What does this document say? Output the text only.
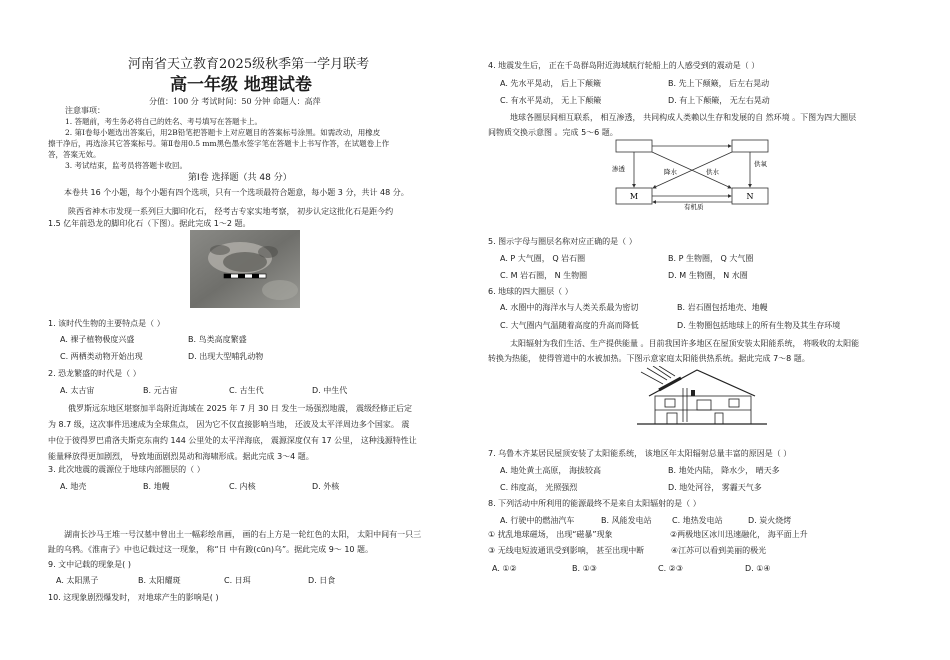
河南省天立教育2025级秋季第一学月联考
高一年级 地理试卷
分值：100 分 考试时间：50 分钟 命题人：高萍
注意事项：
1. 答题前，考生务必将自己的姓名、考号填写在答题卡上。
2. 第Ⅰ卷每小题选出答案后，用2B铅笔把答题卡上对应题目的答案标号涂黑。如需改动，用橡皮
擦干净后，再选涂其它答案标号。第Ⅱ卷用0.5 mm黑色墨水签字笔在答题卡上书写作答，在试题卷上作
答，答案无效。
3. 考试结束，监考员将答题卡收回。
第Ⅰ卷 选择题（共 48 分）
本卷共 16 个小题，每个小题有四个选项，只有一个选项最符合题意，每小题 3 分，共计 48 分。
陕西省神木市发现一系列巨大脚印化石， 经考古专家实地考察， 初步认定这批化石是距今约
1.5 亿年前恐龙的脚印化石（下图）。据此完成 1～2 题。
1. 该时代生物的主要特点是（ ）
A. 裸子植物极度兴盛	B. 鸟类高度繁盛
C. 两栖类动物开始出现	D. 出现大型哺乳动物
2. 恐龙繁盛的时代是（ ）
A. 太古宙	B. 元古宙	C. 古生代	D. 中生代
俄罗斯远东地区堪察加半岛附近海域在 2025 年 7 月 30 日 发生一场强烈地震， 震级经修正后定
为 8.7 级，这次事件迅速成为全球焦点， 因为它不仅直接影响当地， 还波及太平洋周边多个国家。 震
中位于彼得罗巴甫洛夫斯克东南约 144 公里处的太平洋海底， 震源深度仅有 17 公里， 这种浅源特性让
能量释放得更加剧烈， 导致地面剧烈晃动和海啸形成。据此完成 3～4 题。
3. 此次地震的震源位于地球内部圈层的（ ）
A. 地壳	B. 地幔	C. 内核	D. 外核
湖南长沙马王堆一号汉墓中曾出土一幅彩绘帛画， 画的右上方是一轮红色的太阳， 太阳中间有一只三
趾的乌鸦。《淮南子》中也记载过这一现象， 称“日 中有踆(cūn)乌”。据此完成 9～ 10 题。
9. 文中记载的现象是( )
A. 太阳黑子	B. 太阳耀斑	C. 日珥	D. 日食
10. 这现象剧烈爆发时， 对地球产生的影响是( )
4. 地震发生后， 正在千岛群岛附近海域航行轮船上的人感受到的震动是（ ）
A. 先水平晃动， 后上下颠簸	B. 先上下颠簸， 后左右晃动
C. 有水平晃动， 无上下颠簸	D. 有上下颠簸， 无左右晃动
地球各圈层间相互联系， 相互渗透， 共同构成人类赖以生存和发展的自 然环境 。下图为四大圈层
间物质交换示意图 。完成 5～6 题。
M	N
渗透	降水	供水
供氧
有机质
5. 图示字母与圈层名称对应正确的是（ ）
A. P 大气圈， Q 岩石圈	B. P 生物圈， Q 大气圈
C. M 岩石圈， N 生物圈	D. M 生物圈， N 水圈
6. 地球的四大圈层（ ）
A. 水圈中的海洋水与人类关系最为密切	B. 岩石圈包括地壳、地幔
C. 大气圈内气温随着高度的升高而降低	D. 生物圈包括地球上的所有生物及其生存环境
太阳辐射为我们生活、生产提供能量 。目前我国许多地区在屋顶安装太阳能系统， 将吸收的太阳能
转换为热能， 使得管道中的水被加热。下图示意家庭太阳能供热系统。据此完成 7～8 题。
7. 乌鲁木齐某居民屋顶安装了太阳能系统， 该地区年太阳辐射总量丰富的原因是（ ）
A. 地处黄土高原， 海拔较高	B. 地处内陆， 降水少， 晴天多
C. 纬度高， 光照强烈	D. 地处河谷， 雾霾天气多
8. 下列活动中所利用的能源最终不是来自太阳辐射的是（ ）
A. 行驶中的燃油汽车	B. 风能发电站	C. 地热发电站	D. 炭火烧烤
① 扰乱地球磁场， 出现“磁暴”现象	②两极地区冰川迅速融化， 海平面上升
③ 无线电短波通讯受到影响， 甚至出现中断	④江苏可以看到美丽的极光
A. ①②	B. ①③	C. ②③	D. ①④
